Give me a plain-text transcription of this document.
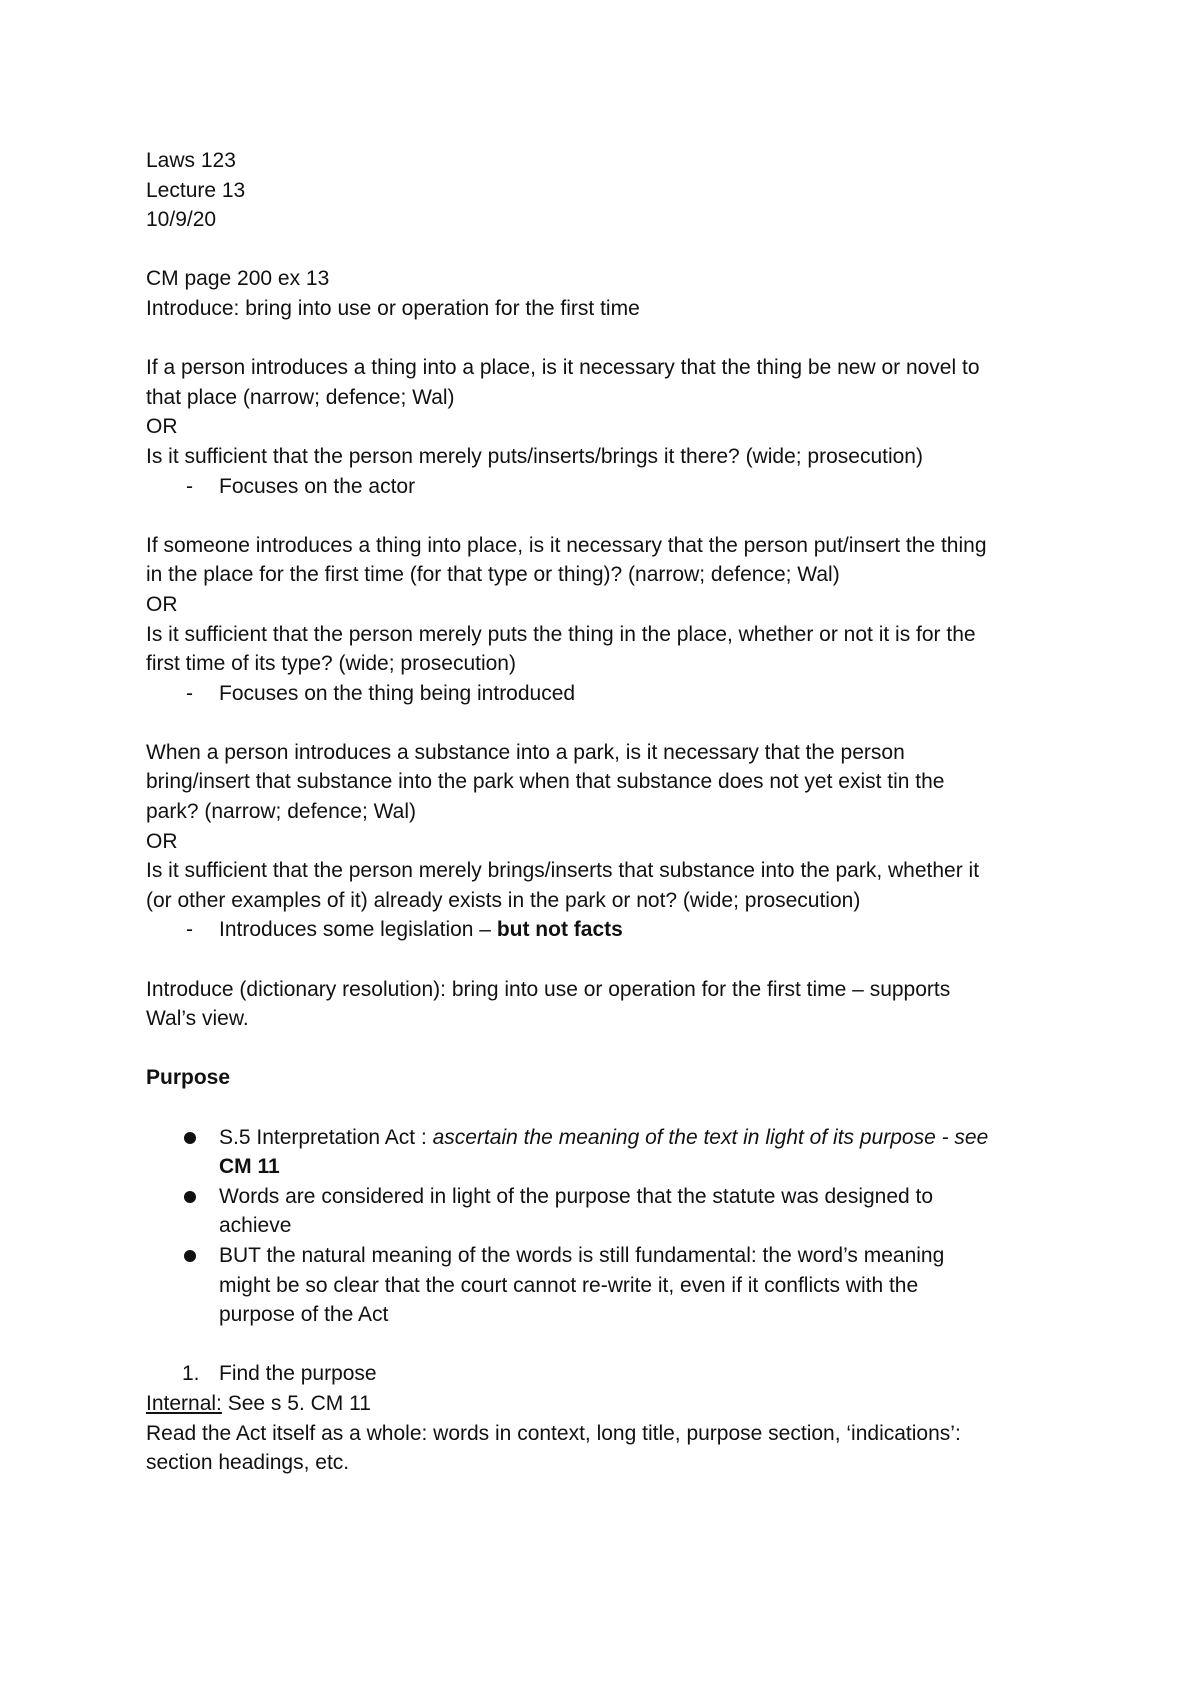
Laws 123
Lecture 13
10/9/20
CM page 200 ex 13
Introduce: bring into use or operation for the first time
If a person introduces a thing into a place, is it necessary that the thing be new or novel to
that place (narrow; defence; Wal)
OR
Is it sufficient that the person merely puts/inserts/brings it there? (wide; prosecution)
- Focuses on the actor
If someone introduces a thing into place, is it necessary that the person put/insert the thing
in the place for the first time (for that type or thing)? (narrow; defence; Wal)
OR
Is it sufficient that the person merely puts the thing in the place, whether or not it is for the
first time of its type? (wide; prosecution)
- Focuses on the thing being introduced
When a person introduces a substance into a park, is it necessary that the person
bring/insert that substance into the park when that substance does not yet exist tin the
park? (narrow; defence; Wal)
OR
Is it sufficient that the person merely brings/inserts that substance into the park, whether it
(or other examples of it) already exists in the park or not? (wide; prosecution)
- Introduces some legislation – but not facts
Introduce (dictionary resolution): bring into use or operation for the first time – supports
Wal’s view.
Purpose
S.5 Interpretation Act : ascertain the meaning of the text in light of its purpose - see
CM 11
Words are considered in light of the purpose that the statute was designed to
achieve
BUT the natural meaning of the words is still fundamental: the word’s meaning
might be so clear that the court cannot re-write it, even if it conflicts with the
purpose of the Act
1. Find the purpose
Internal: See s 5. CM 11
Read the Act itself as a whole: words in context, long title, purpose section, ‘indications’:
section headings, etc.
